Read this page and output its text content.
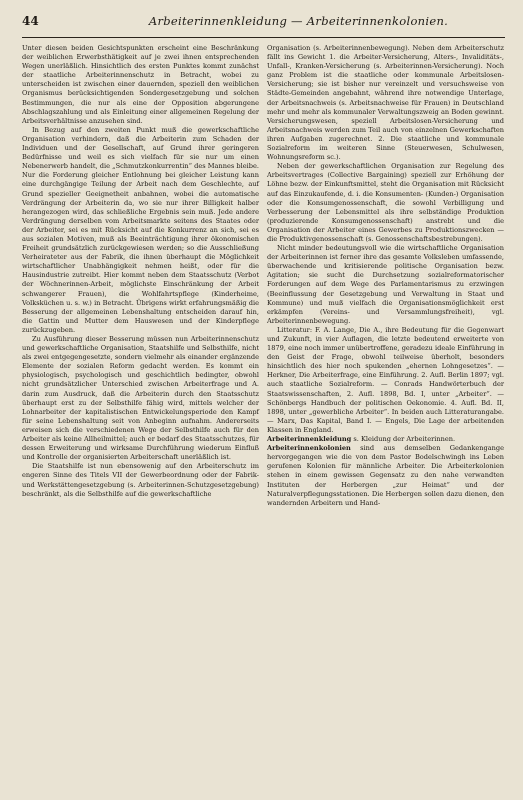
44	Arbeiterinnenkleidung — Arbeiterinnenkolonien.

Unter diesen beiden Gesichtspunkten erscheint eine Beschränkung der weiblichen Erwerbsthätigkeit auf je zwei ihnen entsprechenden Wegen unerläßlich. Hinsichtlich des ersten Punktes kommt zunächst der staatliche Arbeiterinnenschutz in Betracht, wobei zu unterscheiden ist zwischen einer dauernden, speziell den weiblichen Organismus berücksichtigenden Sondergesetzgebung und solchen Bestimmungen, die nur als eine der Opposition abgerungene Abschlagszahlung und als Einleitung einer allgemeinen Regelung der Arbeitsverhältnisse anzusehen sind.

In Bezug auf den zweiten Punkt muß die gewerkschaftliche Organisation verhindern, daß die Arbeiterin zum Schaden der Individuen und der Gesellschaft, auf Grund ihrer geringeren Bedürfnisse und weil es sich vielfach für sie nur um einen Nebenerwerb handelt, die „Schmutzkonkurrentin“ des Mannes bleibe. Nur die Forderung gleicher Entlohnung bei gleicher Leistung kann eine durchgängige Teilung der Arbeit nach dem Geschlechte, auf Grund spezieller Geeignetheit anbahnen, wobei die automatische Verdrängung der Arbeiterin da, wo sie nur ihrer Billigkeit halber herangezogen wird, das schließliche Ergebnis sein muß. Jede andere Verdrängung derselben vom Arbeitsmarkte seitens des Staates oder der Arbeiter, sei es mit Rücksicht auf die Konkurrenz an sich, sei es aus sozialen Motiven, muß als Beeinträchtigung ihrer ökonomischen Freiheit grundsätzlich zurückgewiesen werden; so die Ausschließung Verheirateter aus der Fabrik, die ihnen überhaupt die Möglichkeit wirtschaftlicher Unabhängigkeit nehmen heißt, oder für die Hausindustrie zutreibt. Hier kommt neben dem Staatsschutz (Verbot der Wöchnerinnen-Arbeit, möglichste Einschränkung der Arbeit schwangerer Frauen), die Wohlfahrtspflege (Kinderheime, Volksküchen u. s. w.) in Betracht. Übrigens wirkt erfahrungsmäßig die Besserung der allgemeinen Lebenshaltung entscheiden darauf hin, die Gattin und Mutter dem Hauswesen und der Kinderpflege zurückzugeben.

Zu Ausführung dieser Besserung müssen nun Arbeiterinnenschutz und gewerkschaftliche Organisation, Staatshilfe und Selbsthilfe, nicht als zwei entgegengesetzte, sondern vielmehr als einander ergänzende Elemente der sozialen Reform gedacht werden. Es kommt ein physiologisch, psychologisch und geschichtlich bedingter, obwohl nicht grundsätzlicher Unterschied zwischen Arbeiterfrage und A. darin zum Ausdruck, daß die Arbeiterin durch den Staatsschutz überhaupt erst zu der Selbsthilfe fähig wird, mittels welcher der Lohnarbeiter der kapitalistischen Entwickelungsperiode den Kampf für seine Lebenshaltung seit von Anbeginn aufnahm. Andererseits erweisen sich die verschiedenen Wege der Selbsthilfe auch für den Arbeiter als keine Allheilmittel; auch er bedarf des Staatsschutzes, für dessen Erweiterung und wirksame Durchführung wiederum Einfluß und Kontrolle der organisierten Arbeiterschaft unerläßlich ist.

Die Staatshilfe ist nun ebensowenig auf den Arbeiterschutz im engeren Sinne des Titels VII der Gewerbeordnung oder der Fabrik- und Werkstättengesetzgebung (s. Arbeiterinnen-Schutzgesetzgebung) beschränkt, als die Selbsthilfe auf die gewerkschaftliche

Organisation (s. Arbeiterinnenbewegung). Neben dem Arbeiterschutz fällt ins Gewicht 1. die Arbeiter-Versicherung, Alters-, Invaliditäts-, Unfall-, Kranken-Versicherung (s. Arbeiterinnen-Versicherung). Noch ganz Problem ist die staatliche oder kommunale Arbeitslosen-Versicherung; sie ist bisher nur vereinzelt und versuchsweise von Städte-Gemeinden angebahnt, während ihre notwendige Unterlage, der Arbeitsnachweis (s. Arbeitsnachweise für Frauen) in Deutschland mehr und mehr als kommunaler Verwaltungszweig an Boden gewinnt. Versicherungswesen, speziell Arbeitslosen-Versicherung und Arbeitsnachweis werden zum Teil auch von einzelnen Gewerkschaften ihren Aufgaben zugerechnet. 2. Die staatliche und kommunale Sozialreform im weiteren Sinne (Steuerwesen, Schulwesen, Wohnungsreform sc.).

Neben der gewerkschaftlichen Organisation zur Regelung des Arbeitsvertrages (Collective Bargaining) speziell zur Erhöhung der Löhne bezw. der Einkunftsmittel, steht die Organisation mit Rücksicht auf das Einzukaufende, d. i. die Konsumenten- (Kunden-) Organisation oder die Konsumgenossenschaft, die sowohl Verbilligung und Verbesserung der Lebensmittel als ihre selbständige Produktion (produzierende Konsumgenossenschaft) anstrebt und die Organisation der Arbeiter eines Gewerbes zu Produktionszwecken — die Produktivgenossenschaft (s. Genossenschaftsbestrebungen).

Nicht minder bedeutungsvoll wie die wirtschaftliche Organisation der Arbeiterinnen ist ferner ihre das gesamte Volksleben umfassende, überwachende und kritisierende politische Organisation bezw. Agitation; sie sucht die Durchsetzung sozialreformatorischer Forderungen auf dem Wege des Parlamentarismus zu erzwingen (Beeinflussung der Gesetzgebung und Verwaltung in Staat und Kommune) und muß vielfach die Organisationsmöglichkeit erst erkämpfen (Vereins- und Versammlungsfreiheit), vgl. Arbeiterinnenbewegung.

Litteratur: F. A. Lange, Die A., ihre Bedeutung für die Gegenwart und Zukunft, in vier Auflagen, die letzte bedeutend erweiterte von 1879, eine noch immer unübertroffene, geradezu ideale Einführung in den Geist der Frage, obwohl teilweise überholt, besonders hinsichtlich des hier noch spukenden „ehernen Lohngesetzes“. — Herkner, Die Arbeiterfrage, eine Einführung. 2. Aufl. Berlin 1897; vgl. auch staatliche Sozialreform. — Conrads Handwörterbuch der Staatswissenschaften, 2. Aufl. 1898, Bd. I, unter „Arbeiter“. — Schönbergs Handbuch der politischen Oekonomie. 4. Aufl. Bd. II, 1898, unter „gewerbliche Arbeiter“. In beiden auch Litteraturangabe. — Marx, Das Kapital, Band I. — Engels, Die Lage der arbeitenden Klassen in England.

Arbeiterinnenkleidung s. Kleidung der Arbeiterinnen.

Arbeiterinnenkolonien sind aus demselben Gedankengange hervorgegangen wie die von dem Pastor Bodelschwingh ins Leben gerufenen Kolonien für männliche Arbeiter. Die Arbeiterkolonien stehen in einem gewissen Gegensatz zu den nahe verwandten Instituten der Herbergen „zur Heimat“ und der Naturalverpflegungsstationen. Die Herbergen sollen dazu dienen, den wandernden Arbeitern und Hand-
